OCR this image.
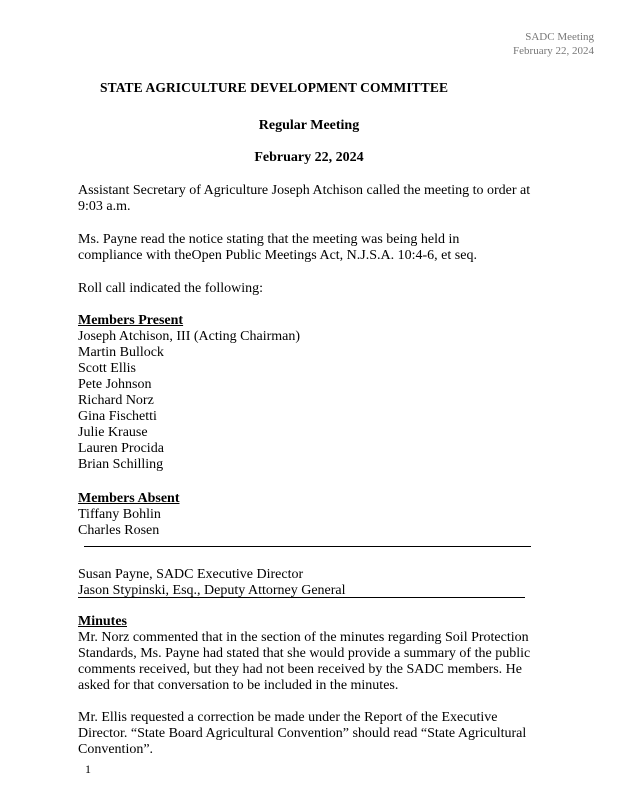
SADC Meeting
February 22, 2024
STATE AGRICULTURE DEVELOPMENT COMMITTEE
Regular Meeting
February 22, 2024
Assistant Secretary of Agriculture Joseph Atchison called the meeting to order at
9:03 a.m.
Ms. Payne read the notice stating that the meeting was being held in
compliance with theOpen Public Meetings Act, N.J.S.A. 10:4-6, et seq.
Roll call indicated the following:
Members Present
Joseph Atchison, III (Acting Chairman)
Martin Bullock
Scott Ellis
Pete Johnson
Richard Norz
Gina Fischetti
Julie Krause
Lauren Procida
Brian Schilling
Members Absent
Tiffany Bohlin
Charles Rosen
Susan Payne, SADC Executive Director
Jason Stypinski, Esq., Deputy Attorney General
Minutes
Mr. Norz commented that in the section of the minutes regarding Soil Protection
Standards, Ms. Payne had stated that she would provide a summary of the public
comments received, but they had not been received by the SADC members. He
asked for that conversation to be included in the minutes.
Mr. Ellis requested a correction be made under the Report of the Executive
Director. “State Board Agricultural Convention” should read “State Agricultural
Convention”.
1
